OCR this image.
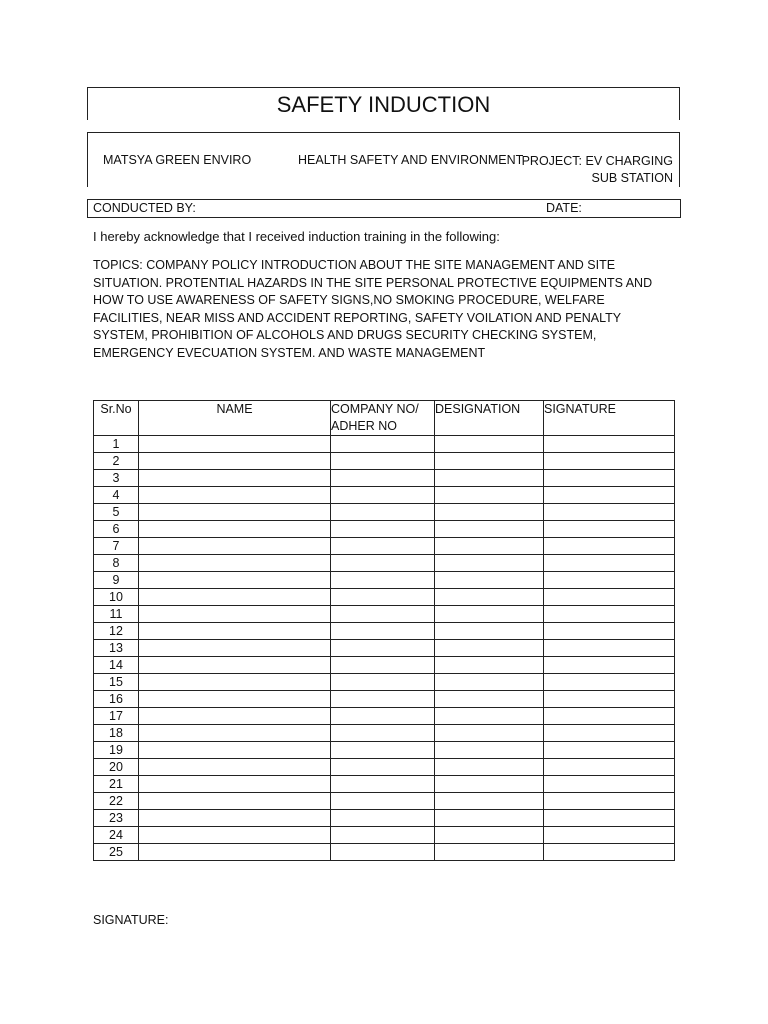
SAFETY INDUCTION
MATSYA GREEN ENVIRO	HEALTH SAFETY AND ENVIRONMENT
PROJECT: EV CHARGING
SUB STATION
CONDUCTED BY:	DATE:
I hereby acknowledge that I received induction training in the following:
TOPICS: COMPANY POLICY INTRODUCTION ABOUT THE SITE MANAGEMENT AND SITE SITUATION. PROTENTIAL HAZARDS IN THE SITE PERSONAL PROTECTIVE EQUIPMENTS AND HOW TO USE AWARENESS OF SAFETY SIGNS,NO SMOKING PROCEDURE, WELFARE FACILITIES, NEAR MISS AND ACCIDENT REPORTING, SAFETY VOILATION AND PENALTY SYSTEM, PROHIBITION OF ALCOHOLS AND DRUGS SECURITY CHECKING SYSTEM, EMERGENCY EVECUATION SYSTEM. AND WASTE MANAGEMENT
Sr.No	NAME	COMPANY NO/ ADHER NO	DESIGNATION	SIGNATURE
1				
2				
3				
4				
5				
6				
7				
8				
9				
10				
11				
12				
13				
14				
15				
16				
17				
18				
19				
20				
21				
22				
23				
24				
25				
SIGNATURE:
